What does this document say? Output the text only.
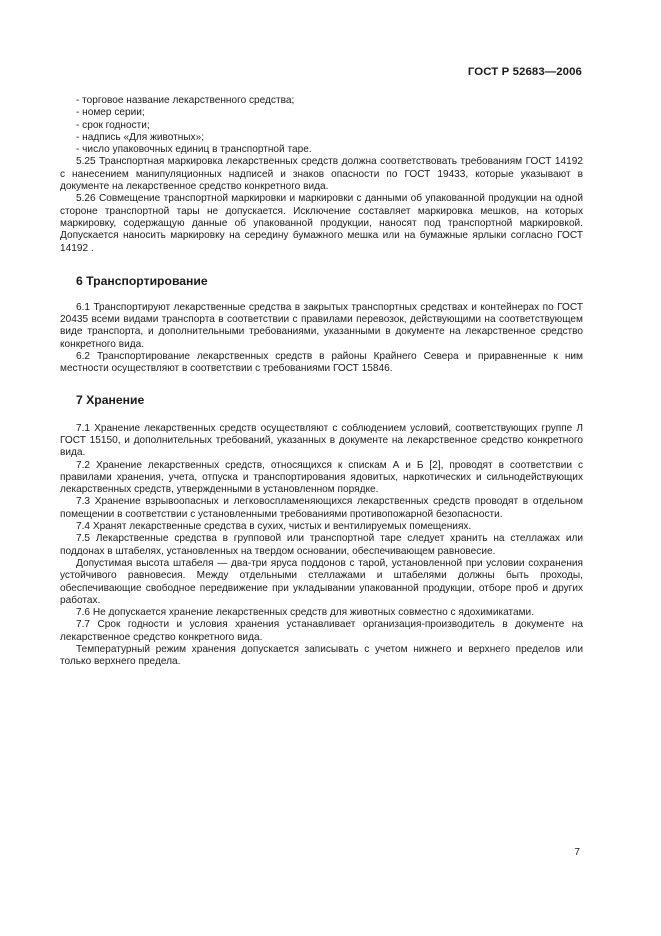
ГОСТ Р 52683—2006

- торговое название лекарственного средства;

- номер серии;

- срок годности;

- надпись «Для животных»;

- число упаковочных единиц в транспортной таре.

5.25 Транспортная маркировка лекарственных средств должна соответствовать требованиям ГОСТ 14192 с нанесением манипуляционных надписей и знаков опасности по ГОСТ 19433, которые указывают в документе на лекарственное средство конкретного вида.

5.26 Совмещение транспортной маркировки и маркировки с данными об упакованной продукции на одной стороне транспортной тары не допускается. Исключение составляет маркировка мешков, на которых маркировку, содержащую данные об упакованной продукции, наносят под транспортной маркировкой. Допускается наносить маркировку на середину бумажного мешка или на бумажные ярлыки согласно ГОСТ 14192 .

6 Транспортирование

6.1 Транспортируют лекарственные средства в закрытых транспортных средствах и контейнерах по ГОСТ 20435 всеми видами транспорта в соответствии с правилами перевозок, действующими на соответствующем виде транспорта, и дополнительными требованиями, указанными в документе на лекарственное средство конкретного вида.

6.2 Транспортирование лекарственных средств в районы Крайнего Севера и приравненные к ним местности осуществляют в соответствии с требованиями ГОСТ 15846.

7 Хранение

7.1 Хранение лекарственных средств осуществляют с соблюдением условий, соответствующих группе Л ГОСТ 15150, и дополнительных требований, указанных в документе на лекарственное средство конкретного вида.

7.2 Хранение лекарственных средств, относящихся к спискам А и Б [2], проводят в соответствии с правилами хранения, учета, отпуска и транспортирования ядовитых, наркотических и сильнодействующих лекарственных средств, утвержденными в установленном порядке.

7.3 Хранение взрывоопасных и легковоспламеняющихся лекарственных средств проводят в отдельном помещении в соответствии с установленными требованиями противопожарной безопасности.

7.4 Хранят лекарственные средства в сухих, чистых и вентилируемых помещениях.

7.5 Лекарственные средства в групповой или транспортной таре следует хранить на стеллажах или поддонах в штабелях, установленных на твердом основании, обеспечивающем равновесие.

Допустимая высота штабеля — два-три яруса поддонов с тарой, установленной при условии сохранения устойчивого равновесия. Между отдельными стеллажами и штабелями должны быть проходы, обеспечивающие свободное передвижение при укладывании упакованной продукции, отборе проб и других работах.

7.6 Не допускается хранение лекарственных средств для животных совместно с ядохимикатами.

7.7 Срок годности и условия хранения устанавливает организация-производитель в документе на лекарственное средство конкретного вида.

Температурный режим хранения допускается записывать с учетом нижнего и верхнего пределов или только верхнего предела.

7
